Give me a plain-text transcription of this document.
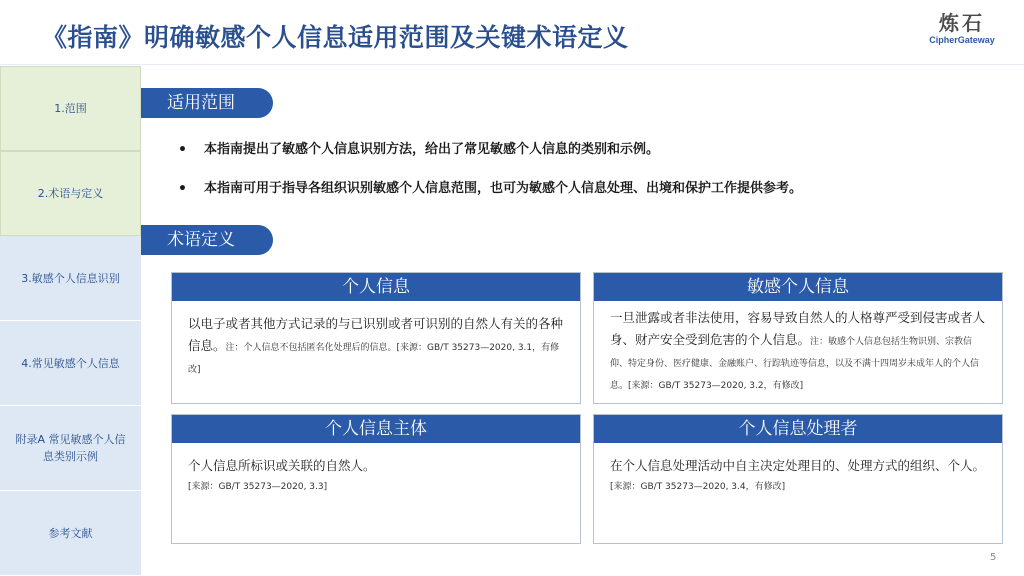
《指南》明确敏感个人信息适用范围及关键术语定义	炼石
CipherGateway
1.范围
2.术语与定义
3.敏感个人信息识别
4.常见敏感个人信息
附录A 常见敏感个人信息类别示例
参考文献
适用范围
• 本指南提出了敏感个人信息识别方法，给出了常见敏感个人信息的类别和示例。
• 本指南可用于指导各组织识别敏感个人信息范围，也可为敏感个人信息处理、出境和保护工作提供参考。
术语定义
个人信息
以电子或者其他方式记录的与已识别或者可识别的自然人有关的各种信息。注：个人信息不包括匿名化处理后的信息。[来源：GB/T 35273—2020, 3.1，有修改]
敏感个人信息
一旦泄露或者非法使用，容易导致自然人的人格尊严受到侵害或者人身、财产安全受到危害的个人信息。注：敏感个人信息包括生物识别、宗教信仰、特定身份、医疗健康、金融账户、行踪轨迹等信息，以及不满十四周岁未成年人的个人信息。[来源：GB/T 35273—2020, 3.2，有修改]
个人信息主体
个人信息所标识或关联的自然人。
[来源：GB/T 35273—2020, 3.3]
个人信息处理者
在个人信息处理活动中自主决定处理目的、处理方式的组织、个人。
[来源：GB/T 35273—2020, 3.4，有修改]
5
